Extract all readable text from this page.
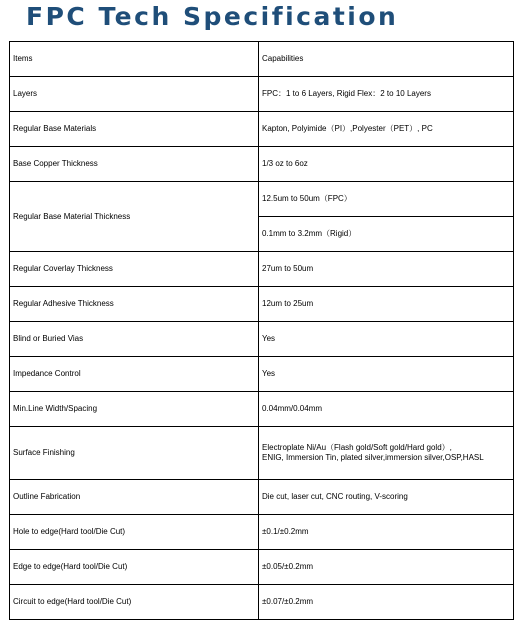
FPC Tech Specification
Items	Capabilities
Layers	FPC：1 to 6 Layers, Rigid Flex：2 to 10 Layers
Regular Base Materials	Kapton, Polyimide（PI）,Polyester（PET）, PC
Base Copper Thickness	1/3 oz to 6oz
Regular Base Material Thickness	12.5um to 50um（FPC）
	0.1mm to 3.2mm（Rigid）
Regular Coverlay Thickness	27um to 50um
Regular Adhesive Thickness	12um to 25um
Blind or Buried Vias	Yes
Impedance Control	Yes
Min.Line Width/Spacing	0.04mm/0.04mm
Surface Finishing	Electroplate Ni/Au（Flash gold/Soft gold/Hard gold）,
ENIG, Immersion Tin, plated silver,immersion silver,OSP,HASL
Outline Fabrication	Die cut, laser cut, CNC routing, V-scoring
Hole to edge(Hard tool/Die Cut)	±0.1/±0.2mm
Edge to edge(Hard tool/Die Cut)	±0.05/±0.2mm
Circuit to edge(Hard tool/Die Cut)	±0.07/±0.2mm
